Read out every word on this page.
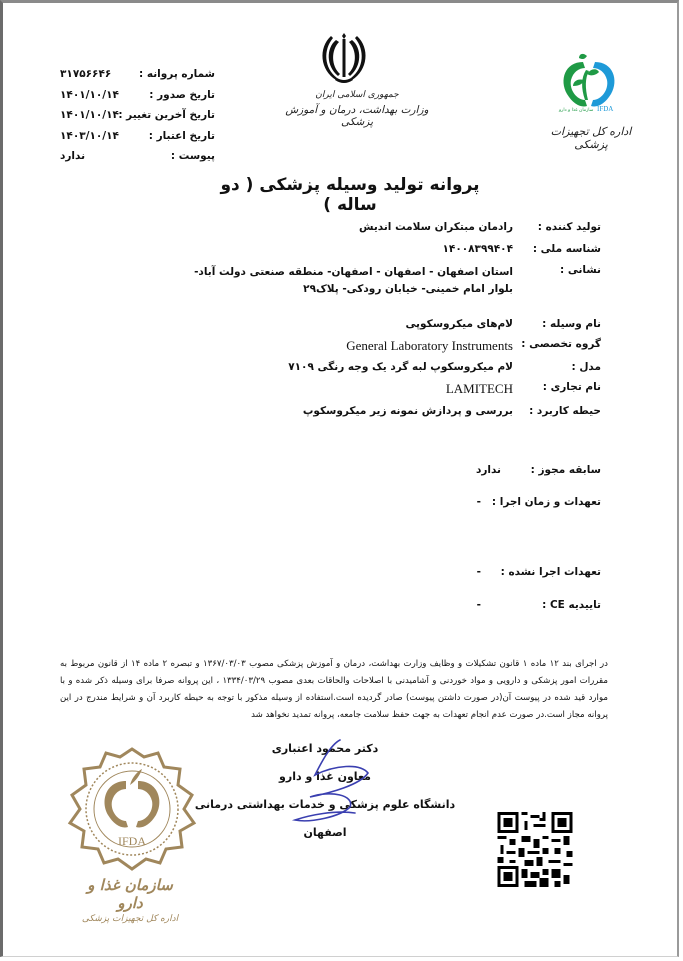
شماره پروانه :
۳۱۷۵۶۶۴۶
تاریخ صدور :
۱۴۰۱/۱۰/۱۴
تاریخ آخرین تغییر :
۱۴۰۱/۱۰/۱۴
تاریخ اعتبار :
۱۴۰۳/۱۰/۱۴
پیوست :
ندارد
جمهوری اسلامی ایران
وزارت بهداشت، درمان و آموزش پزشکی
IFDA
سازمان غذا و دارو
اداره کل تجهیزات پزشکی
پروانه تولید وسیله پزشکی ( دو ساله )
تولید کننده :
رادمان مبتکران سلامت اندیش
شناسه ملی :
۱۴۰۰۸۳۹۹۴۰۴
نشانی :
استان اصفهان - اصفهان - اصفهان- منطقه صنعتی دولت آباد- بلوار امام خمینی- خیابان رودکی- پلاک۲۹
نام وسیله :
لام‌های میکروسکوپی
گروه تخصصی :
General Laboratory Instruments
مدل :
لام میکروسکوپ لبه گرد یک وجه رنگی ۷۱۰۹
نام تجاری :
LAMITECH
حیطه کاربرد :
بررسی و پردازش نمونه زیر میکروسکوپ
سابقه مجوز :
ندارد
تعهدات و زمان اجرا :
-
تعهدات اجرا نشده :
-
تاییدیه CE :
-
در اجرای بند ۱۲ ماده ۱ قانون تشکیلات و وظایف وزارت بهداشت، درمان و آموزش پزشکی مصوب ۱۳۶۷/۰۳/۰۳ و تبصره ۲ ماده ۱۴ از قانون مربوط به مقررات امور پزشکی و دارویی و مواد خوردنی و آشامیدنی با اصلاحات والحاقات بعدی مصوب ۱۳۳۴/۰۳/۲۹ ، این پروانه صرفا برای وسیله ذکر شده و با موارد قید شده در پیوست آن(در صورت داشتن پیوست) صادر گردیده است.استفاده از وسیله مذکور با توجه به حیطه کاربرد آن و شرایط مندرج در این پروانه مجاز است.در صورت عدم انجام تعهدات به جهت حفظ سلامت جامعه، پروانه تمدید نخواهد شد
IFDA
سازمان غذا و دارو
اداره کل تجهیزات پزشکی
دکتر محمود اعتباری
معاون غذا و دارو
دانشگاه علوم پزشکی و خدمات بهداشتی درمانی اصفهان
